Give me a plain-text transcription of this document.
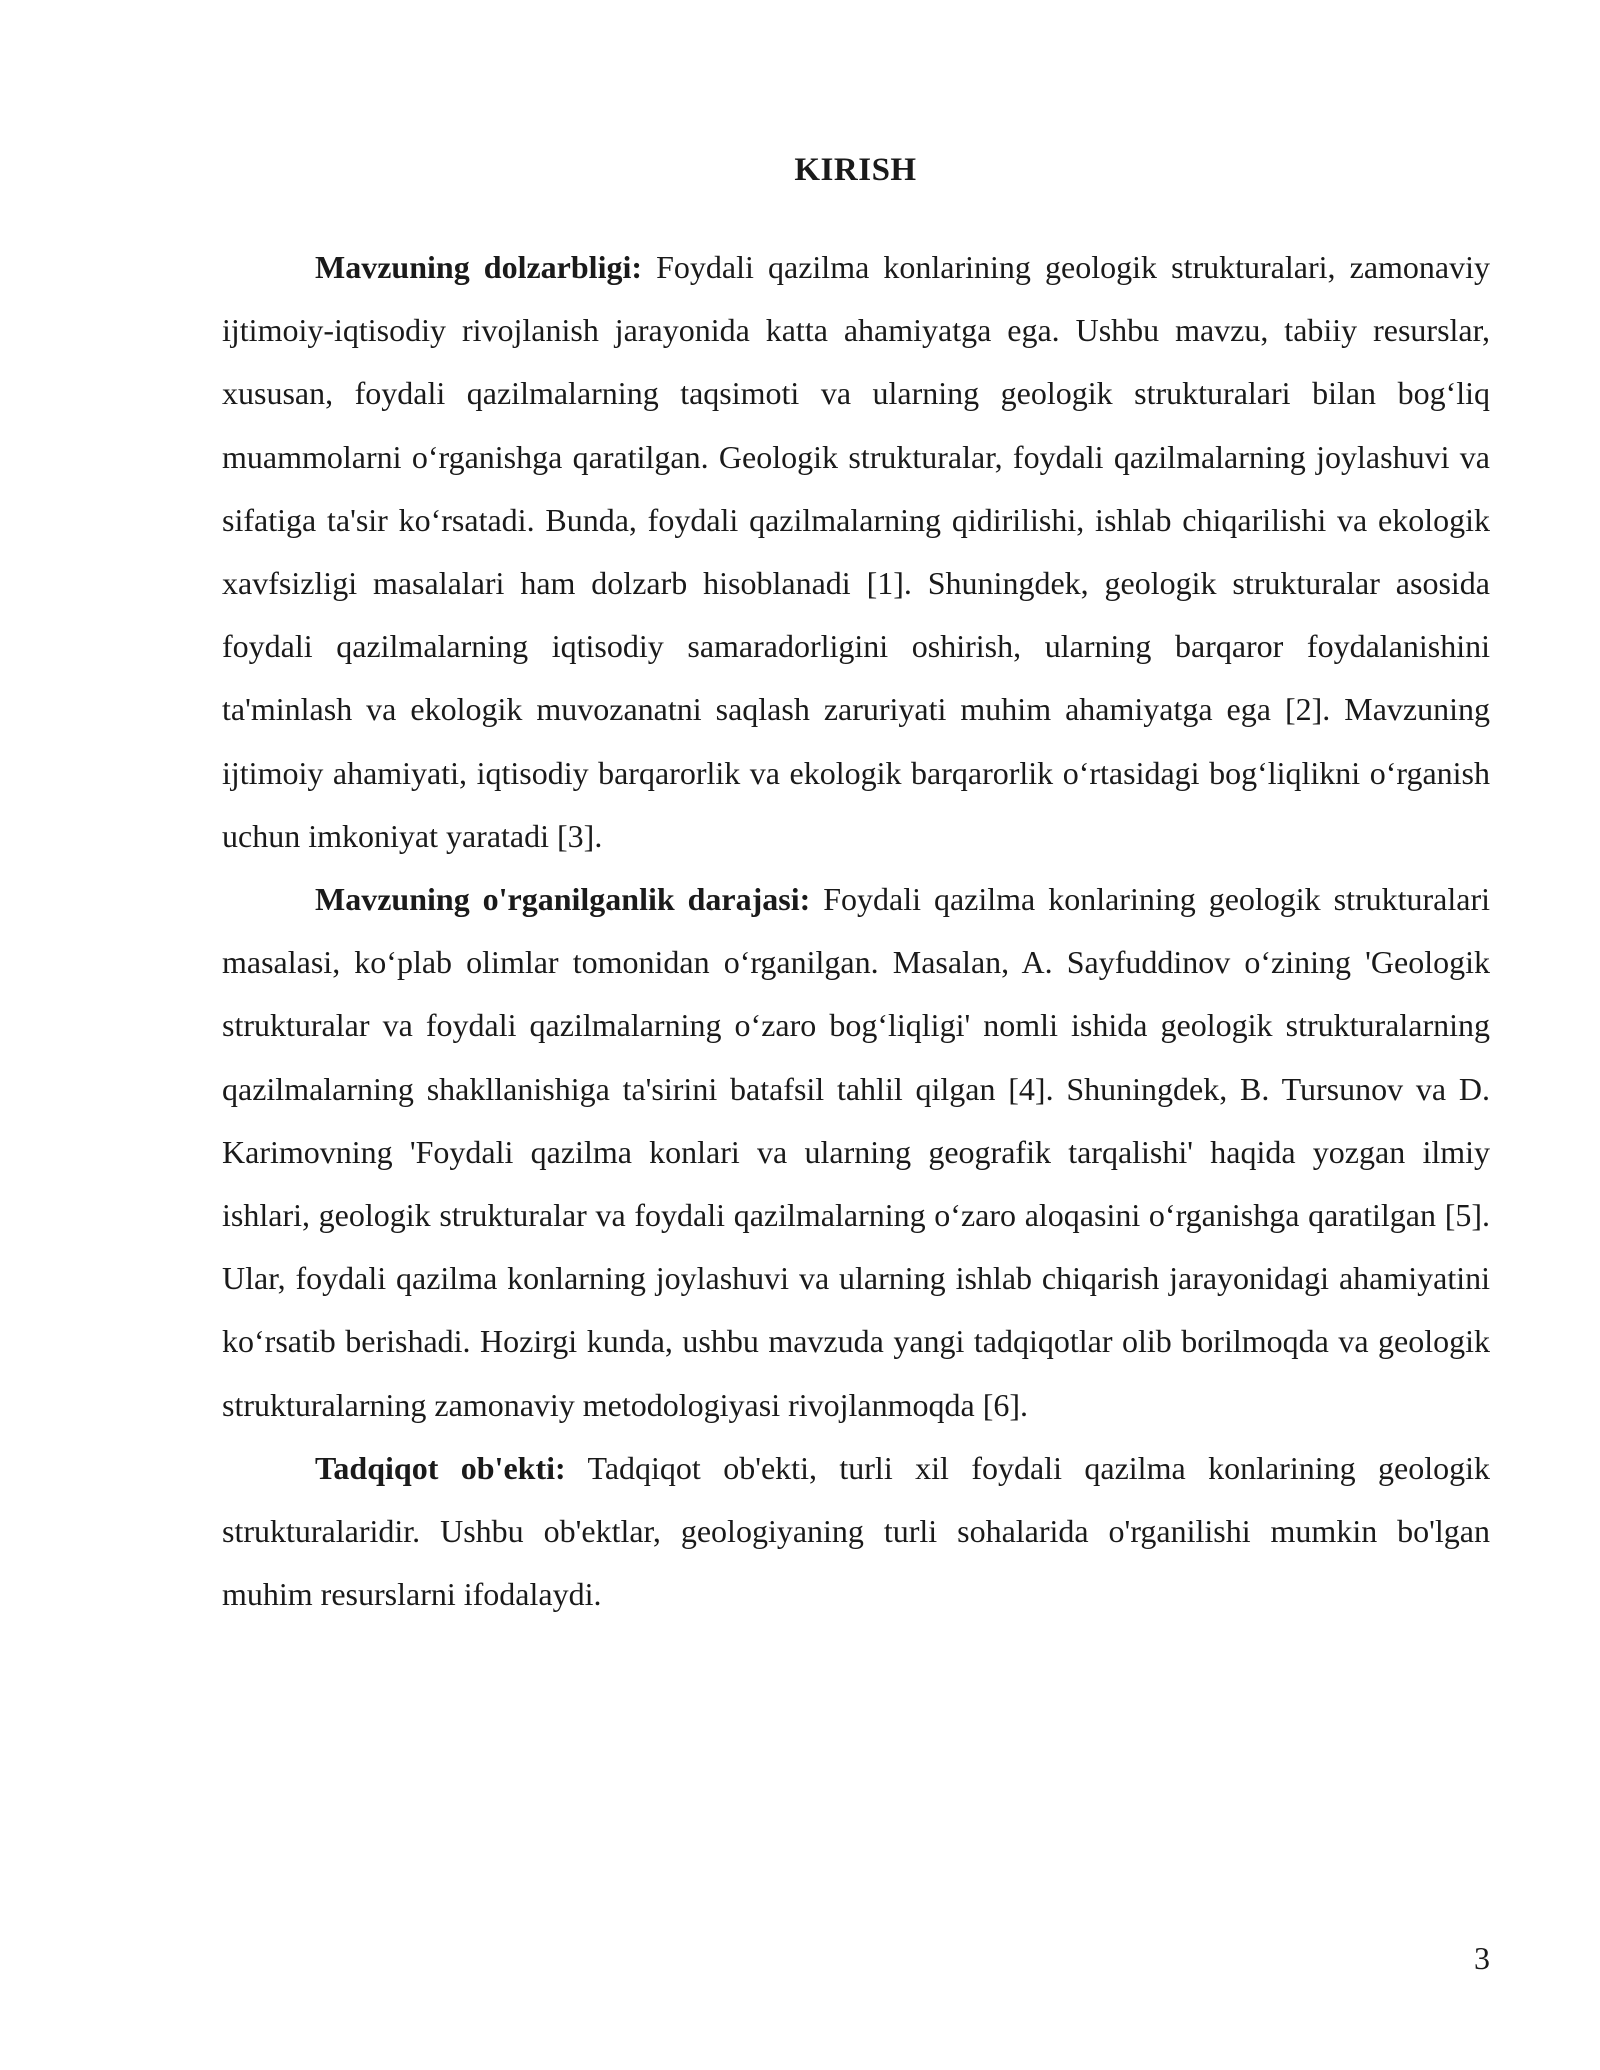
KIRISH

Mavzuning dolzarbligi: Foydali qazilma konlarining geologik strukturalari, zamonaviy ijtimoiy-iqtisodiy rivojlanish jarayonida katta ahamiyatga ega. Ushbu mavzu, tabiiy resurslar, xususan, foydali qazilmalarning taqsimoti va ularning geologik strukturalari bilan bog‘liq muammolarni o‘rganishga qaratilgan. Geologik strukturalar, foydali qazilmalarning joylashuvi va sifatiga ta'sir ko‘rsatadi. Bunda, foydali qazilmalarning qidirilishi, ishlab chiqarilishi va ekologik xavfsizligi masalalari ham dolzarb hisoblanadi [1]. Shuningdek, geologik strukturalar asosida foydali qazilmalarning iqtisodiy samaradorligini oshirish, ularning barqaror foydalanishini ta'minlash va ekologik muvozanatni saqlash zaruriyati muhim ahamiyatga ega [2]. Mavzuning ijtimoiy ahamiyati, iqtisodiy barqarorlik va ekologik barqarorlik o‘rtasidagi bog‘liqlikni o‘rganish uchun imkoniyat yaratadi [3].

Mavzuning o'rganilganlik darajasi: Foydali qazilma konlarining geologik strukturalari masalasi, ko‘plab olimlar tomonidan o‘rganilgan. Masalan, A. Sayfuddinov o‘zining 'Geologik strukturalar va foydali qazilmalarning o‘zaro bog‘liqligi' nomli ishida geologik strukturalarning qazilmalarning shakllanishiga ta'sirini batafsil tahlil qilgan [4]. Shuningdek, B. Tursunov va D. Karimovning 'Foydali qazilma konlari va ularning geografik tarqalishi' haqida yozgan ilmiy ishlari, geologik strukturalar va foydali qazilmalarning o‘zaro aloqasini o‘rganishga qaratilgan [5]. Ular, foydali qazilma konlarning joylashuvi va ularning ishlab chiqarish jarayonidagi ahamiyatini ko‘rsatib berishadi. Hozirgi kunda, ushbu mavzuda yangi tadqiqotlar olib borilmoqda va geologik strukturalarning zamonaviy metodologiyasi rivojlanmoqda [6].

Tadqiqot ob'ekti: Tadqiqot ob'ekti, turli xil foydali qazilma konlarining geologik strukturalaridir. Ushbu ob'ektlar, geologiyaning turli sohalarida o'rganilishi mumkin bo'lgan muhim resurslarni ifodalaydi.

3
